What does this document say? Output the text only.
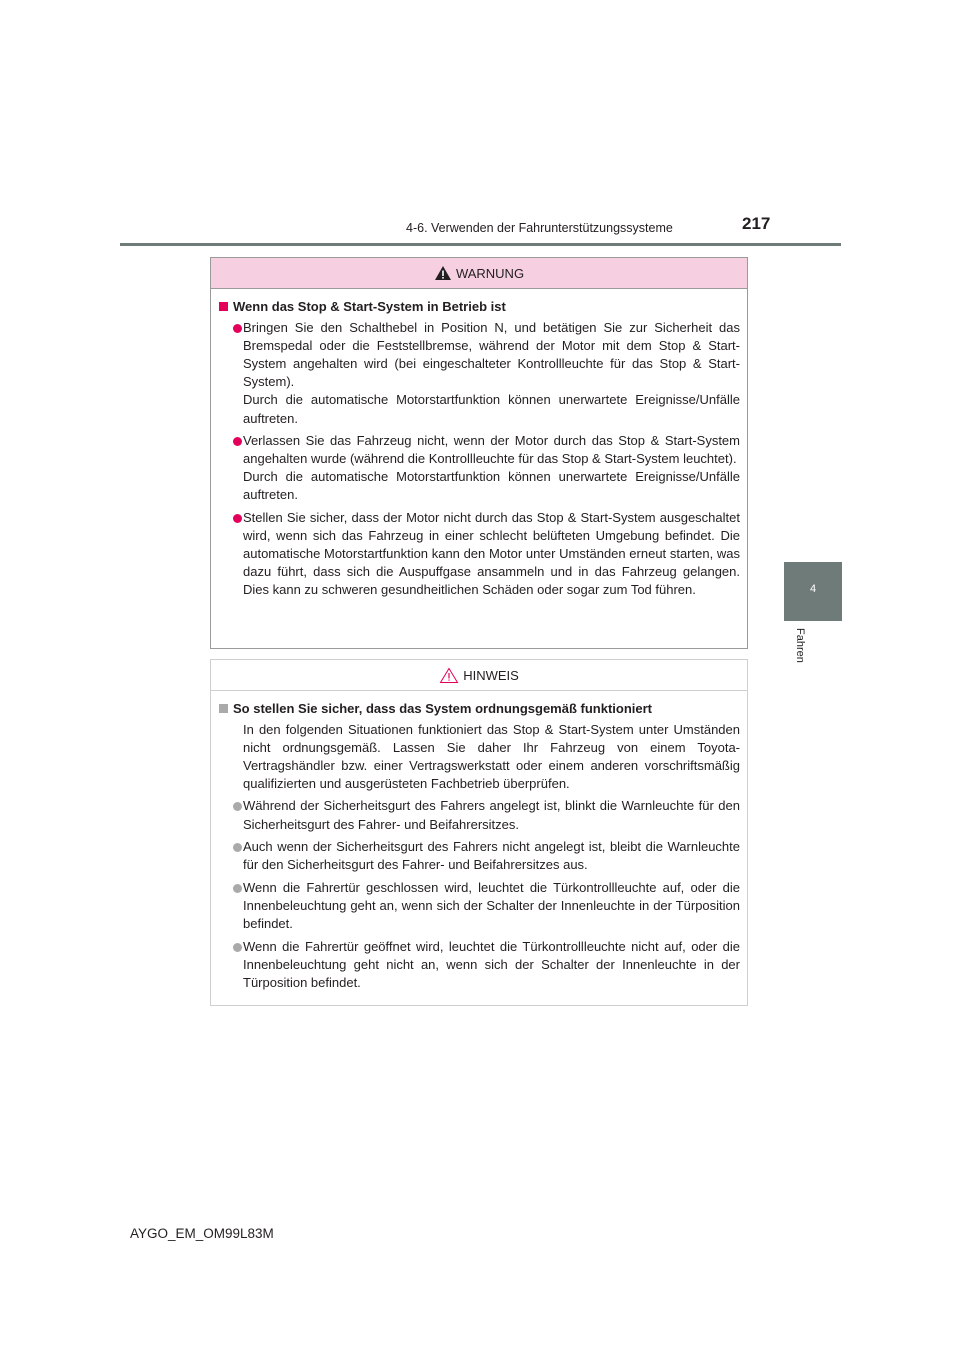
4-6. Verwenden der Fahrunterstützungssysteme	217
4
Fahren
WARNUNG
Wenn das Stop & Start-System in Betrieb ist

Bringen Sie den Schalthebel in Position N, und betätigen Sie zur Sicherheit das Bremspedal oder die Feststellbremse, während der Motor mit dem Stop & Start-System angehalten wird (bei eingeschalteter Kontrollleuchte für das Stop & Start-System).

Durch die automatische Motorstartfunktion können unerwartete Ereignisse/Unfälle auftreten.

Verlassen Sie das Fahrzeug nicht, wenn der Motor durch das Stop & Start-System angehalten wurde (während die Kontrollleuchte für das Stop & Start-System leuchtet).

Durch die automatische Motorstartfunktion können unerwartete Ereignisse/Unfälle auftreten.

Stellen Sie sicher, dass der Motor nicht durch das Stop & Start-System ausgeschaltet wird, wenn sich das Fahrzeug in einer schlecht belüfteten Umgebung befindet. Die automatische Motorstartfunktion kann den Motor unter Umständen erneut starten, was dazu führt, dass sich die Auspuffgase ansammeln und in das Fahrzeug gelangen. Dies kann zu schweren gesundheitlichen Schäden oder sogar zum Tod führen.

HINWEIS
So stellen Sie sicher, dass das System ordnungsgemäß funktioniert
In den folgenden Situationen funktioniert das Stop & Start-System unter Umständen nicht ordnungsgemäß. Lassen Sie daher Ihr Fahrzeug von einem Toyota-Vertragshändler bzw. einer Vertragswerkstatt oder einem anderen vorschriftsmäßig qualifizierten und ausgerüsteten Fachbetrieb überprüfen.

Während der Sicherheitsgurt des Fahrers angelegt ist, blinkt die Warnleuchte für den Sicherheitsgurt des Fahrer- und Beifahrersitzes.

Auch wenn der Sicherheitsgurt des Fahrers nicht angelegt ist, bleibt die Warnleuchte für den Sicherheitsgurt des Fahrer- und Beifahrersitzes aus.

Wenn die Fahrertür geschlossen wird, leuchtet die Türkontrollleuchte auf, oder die Innenbeleuchtung geht an, wenn sich der Schalter der Innenleuchte in der Türposition befindet.

Wenn die Fahrertür geöffnet wird, leuchtet die Türkontrollleuchte nicht auf, oder die Innenbeleuchtung geht nicht an, wenn sich der Schalter der Innenleuchte in der Türposition befindet.

AYGO_EM_OM99L83M
